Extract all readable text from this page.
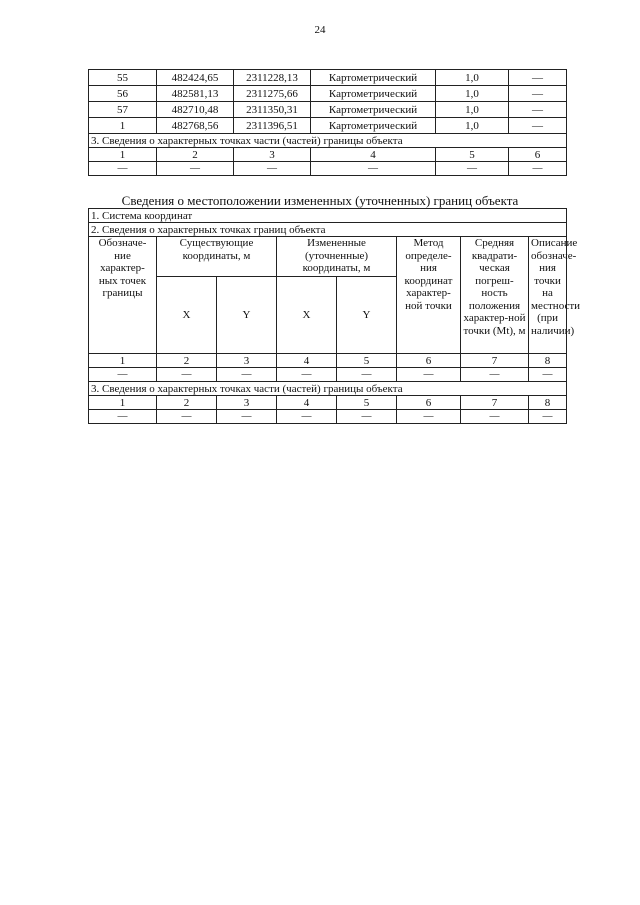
24
55	482424,65	2311228,13	Картометрический	1,0	—
56	482581,13	2311275,66	Картометрический	1,0	—
57	482710,48	2311350,31	Картометрический	1,0	—
1	482768,56	2311396,51	Картометрический	1,0	—
3. Сведения о характерных точках части (частей) границы объекта					
1	2	3	4	5	6
—	—	—	—	—	—
Сведения о местоположении измененных (уточненных) границ объекта
1. Система координат							
2. Сведения о характерных точках границ объекта							
Обозначе-ние характер-ных точек границы	Существующие координаты, м		Измененные (уточненные) координаты, м		Метод определе-ния координат характер-ной точки	Средняя квадрати-ческая погреш-ность положения характер-ной точки (Mt), м	Описание обозначе-ния точки на местности (при наличии)
	X	Y	X	Y			
1	2	3	4	5	6	7	8
—	—	—	—	—	—	—	—
3. Сведения о характерных точках части (частей) границы объекта							
1	2	3	4	5	6	7	8
—	—	—	—	—	—	—	—
